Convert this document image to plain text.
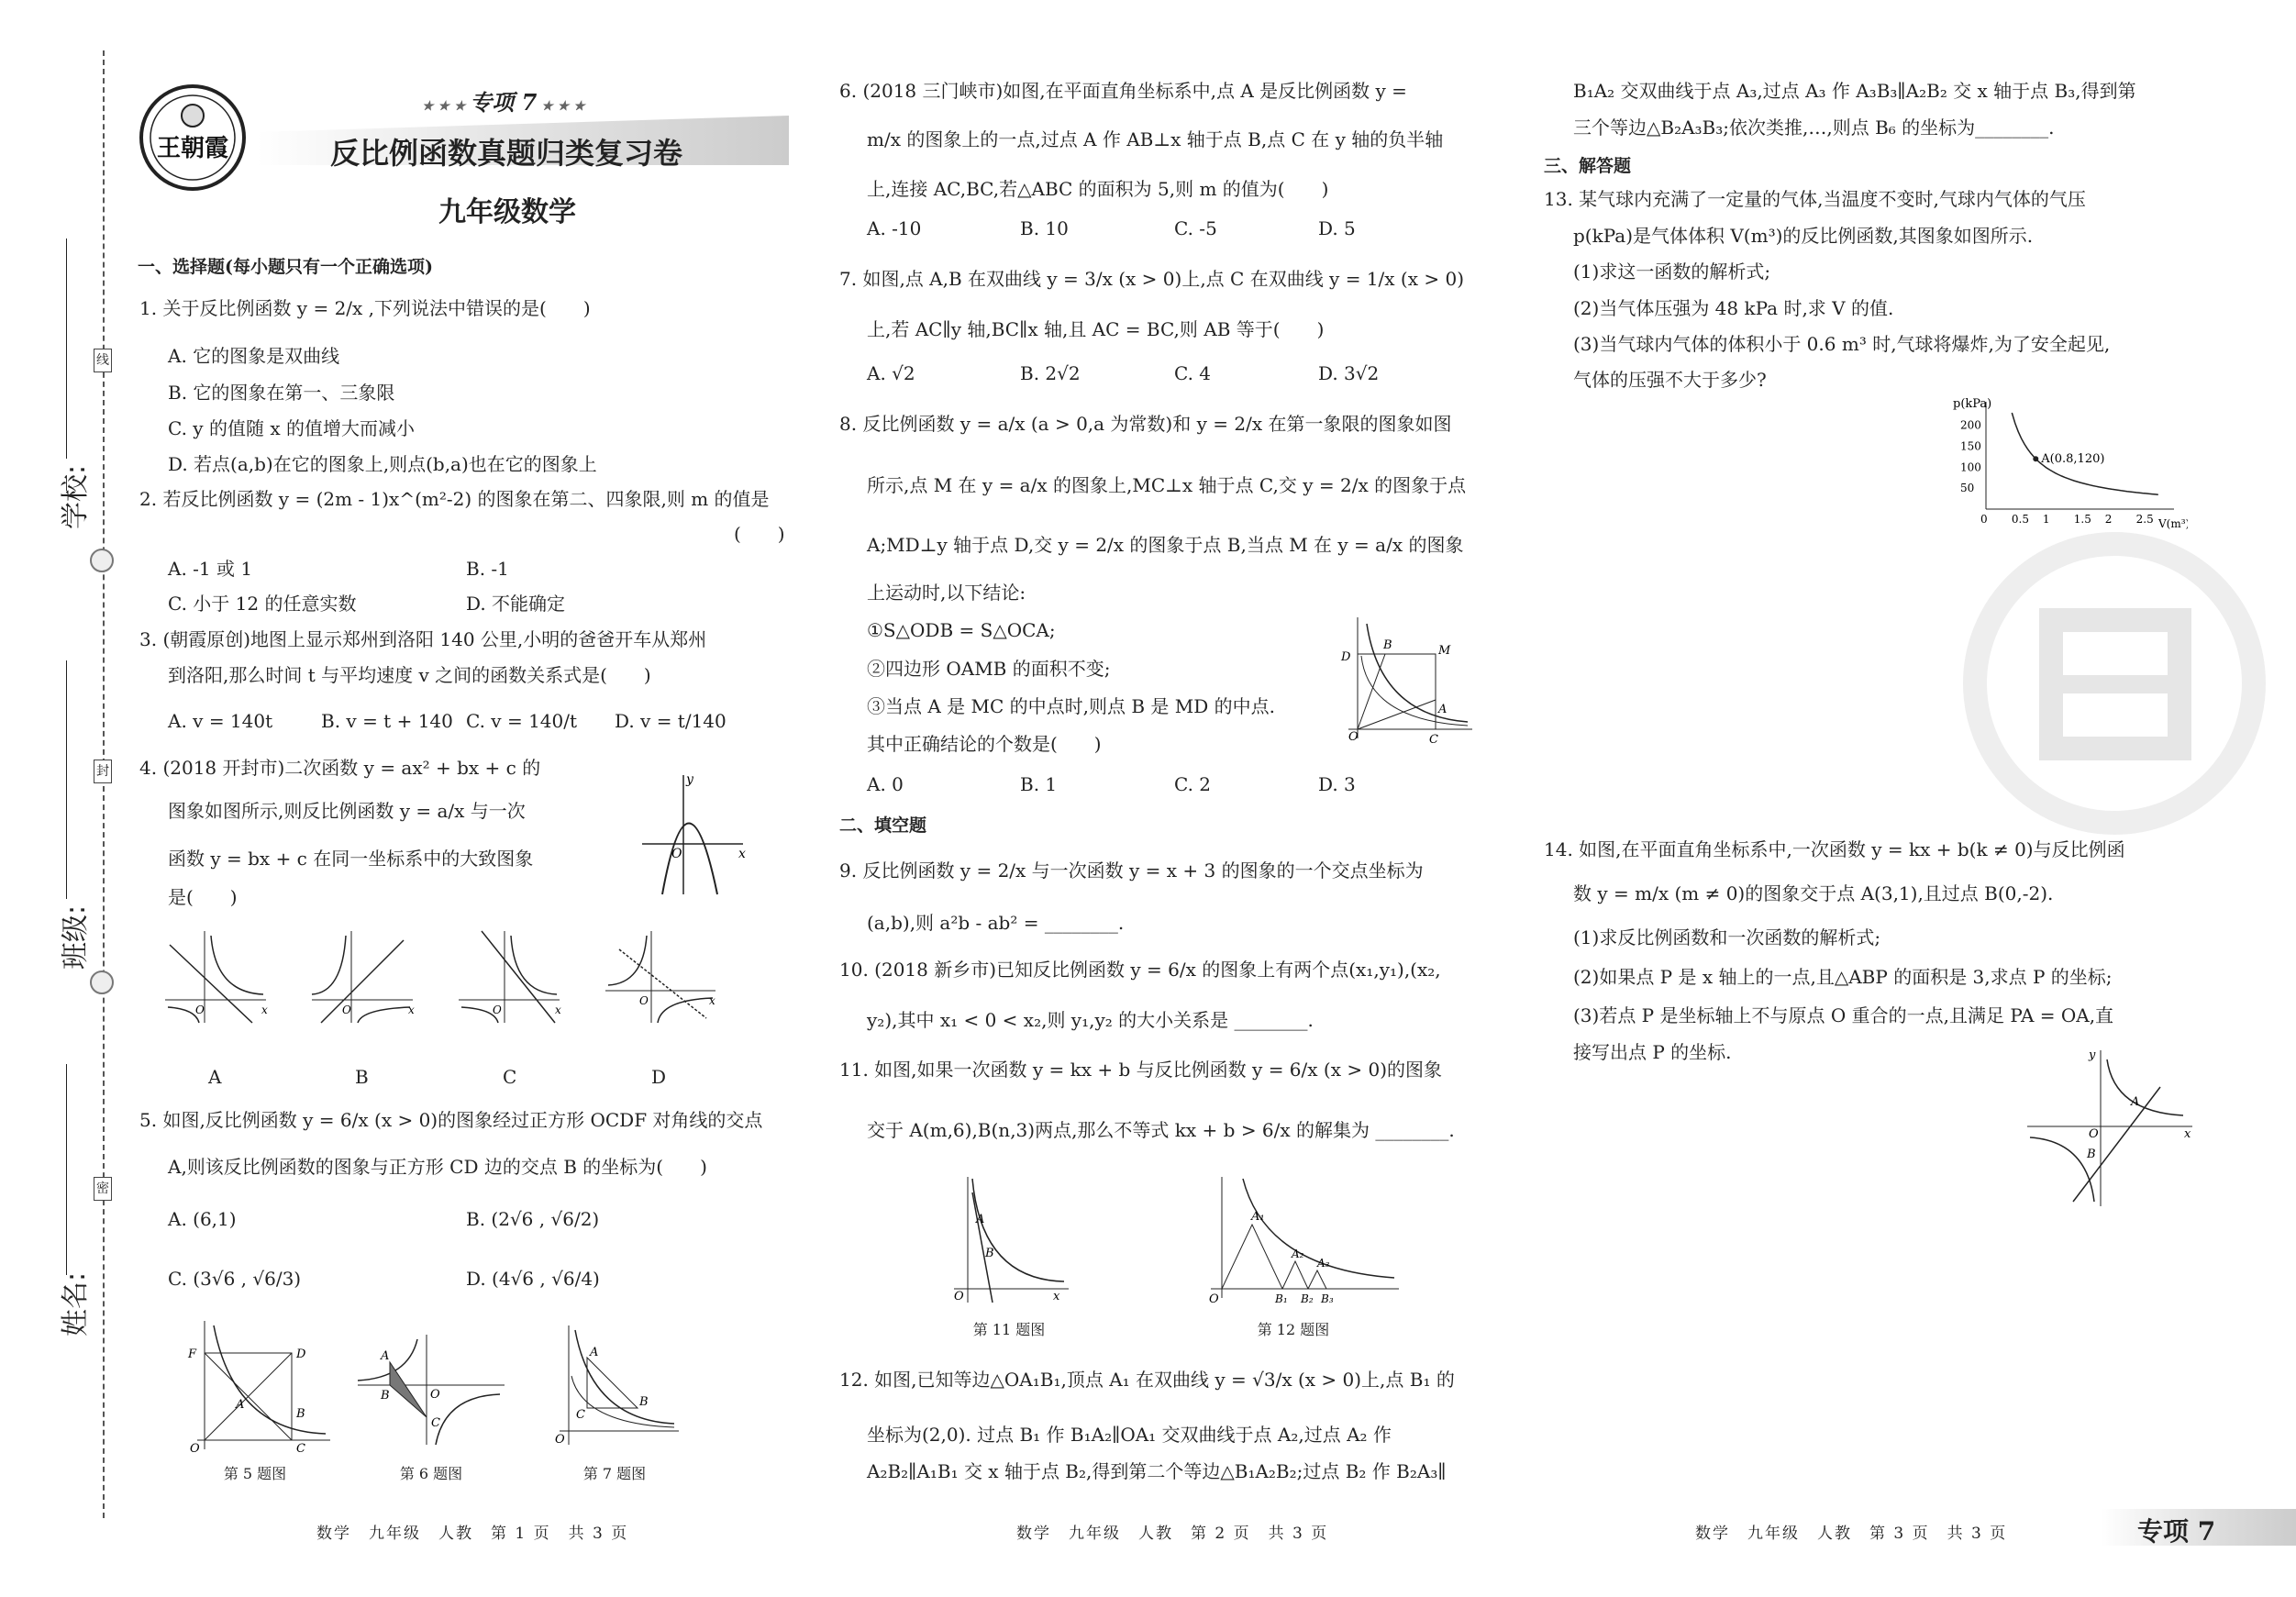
线
封
密
学校:
班级:
姓名:
王朝霞
★ ★ ★ 专项 7 ★ ★ ★
反比例函数真题归类复习卷
九年级数学
一、选择题(每小题只有一个正确选项)
1. 关于反比例函数 y = 2/x ,下列说法中错误的是(　　)
A. 它的图象是双曲线
B. 它的图象在第一、三象限
C. y 的值随 x 的值增大而减小
D. 若点(a,b)在它的图象上,则点(b,a)也在它的图象上
2. 若反比例函数 y = (2m - 1)x^(m²-2) 的图象在第二、四象限,则 m 的值是
(　　)
A. -1 或 1	B. -1
C. 小于 12 的任意实数	D. 不能确定
3. (朝霞原创)地图上显示郑州到洛阳 140 公里,小明的爸爸开车从郑州
到洛阳,那么时间 t 与平均速度 v 之间的函数关系式是(　　)
A. v = 140t	B. v = t + 140 C. v = 140/t D. v = t/140
4. (2018 开封市)二次函数 y = ax² + bx + c 的
图象如图所示,则反比例函数 y = a/x 与一次
函数 y = bx + c 在同一坐标系中的大致图象
是(　　)
x
y
O
x
O	x
O	x
O
x
O
A	B	C	D
5. 如图,反比例函数 y = 6/x (x > 0)的图象经过正方形 OCDF 对角线的交点
A,则该反比例函数的图象与正方形 CD 边的交点 B 的坐标为(　　)
A. (6,1)	B. (2√6 , √6/2)
C. (3√6 , √6/3)	D. (4√6 , √6/4)
F	D
A
B
C
O
A
B
C
O
A
C
B
O
第 5 题图	第 6 题图	第 7 题图
数学　九年级　人教　第 1 页　共 3 页
6. (2018 三门峡市)如图,在平面直角坐标系中,点 A 是反比例函数 y =
m/x 的图象上的一点,过点 A 作 AB⊥x 轴于点 B,点 C 在 y 轴的负半轴
上,连接 AC,BC,若△ABC 的面积为 5,则 m 的值为(　　)
A. -10	B. 10	C. -5	D. 5
7. 如图,点 A,B 在双曲线 y = 3/x (x > 0)上,点 C 在双曲线 y = 1/x (x > 0)
上,若 AC∥y 轴,BC∥x 轴,且 AC = BC,则 AB 等于(　　)
A. √2	B. 2√2	C. 4	D. 3√2
8. 反比例函数 y = a/x (a > 0,a 为常数)和 y = 2/x 在第一象限的图象如图
所示,点 M 在 y = a/x 的图象上,MC⊥x 轴于点 C,交 y = 2/x 的图象于点
A;MD⊥y 轴于点 D,交 y = 2/x 的图象于点 B,当点 M 在 y = a/x 的图象
上运动时,以下结论:
①S△ODB = S△OCA;
②四边形 OAMB 的面积不变;
③当点 A 是 MC 的中点时,则点 B 是 MD 的中点.
其中正确结论的个数是(　　)
A. 0	B. 1	C. 2	D. 3
B	M
D
A
C
O
二、填空题
9. 反比例函数 y = 2/x 与一次函数 y = x + 3 的图象的一个交点坐标为
(a,b),则 a²b - ab² = ________.
10. (2018 新乡市)已知反比例函数 y = 6/x 的图象上有两个点(x₁,y₁),(x₂,
y₂),其中 x₁ < 0 < x₂,则 y₁,y₂ 的大小关系是 ________.
11. 如图,如果一次函数 y = kx + b 与反比例函数 y = 6/x (x > 0)的图象
交于 A(m,6),B(n,3)两点,那么不等式 kx + b > 6/x 的解集为 ________.
A
B
O	x
A₁
A₂
A₃
B₁ B₂ B₃
O
第 11 题图	第 12 题图
12. 如图,已知等边△OA₁B₁,顶点 A₁ 在双曲线 y = √3/x (x > 0)上,点 B₁ 的
坐标为(2,0). 过点 B₁ 作 B₁A₂∥OA₁ 交双曲线于点 A₂,过点 A₂ 作
A₂B₂∥A₁B₁ 交 x 轴于点 B₂,得到第二个等边△B₁A₂B₂;过点 B₂ 作 B₂A₃∥
数学　九年级　人教　第 2 页　共 3 页
B₁A₂ 交双曲线于点 A₃,过点 A₃ 作 A₃B₃∥A₂B₂ 交 x 轴于点 B₃,得到第
三个等边△B₂A₃B₃;依次类推,…,则点 B₆ 的坐标为________.
三、解答题
13. 某气球内充满了一定量的气体,当温度不变时,气球内气体的气压
p(kPa)是气体体积 V(m³)的反比例函数,其图象如图所示.
(1)求这一函数的解析式;
(2)当气体压强为 48 kPa 时,求 V 的值.
(3)当气球内气体的体积小于 0.6 m³ 时,气球将爆炸,为了安全起见,
气体的压强不大于多少?
0 0.5 1 1.5 2 2.5
50
100
150
200
A(0.8,120)
p(kPa)
V(m³)
14. 如图,在平面直角坐标系中,一次函数 y = kx + b(k ≠ 0)与反比例函
数 y = m/x (m ≠ 0)的图象交于点 A(3,1),且过点 B(0,-2).
(1)求反比例函数和一次函数的解析式;
(2)如果点 P 是 x 轴上的一点,且△ABP 的面积是 3,求点 P 的坐标;
(3)若点 P 是坐标轴上不与原点 O 重合的一点,且满足 PA = OA,直
接写出点 P 的坐标.
A
B
O	x
y
数学　九年级　人教　第 3 页　共 3 页	专项 7
